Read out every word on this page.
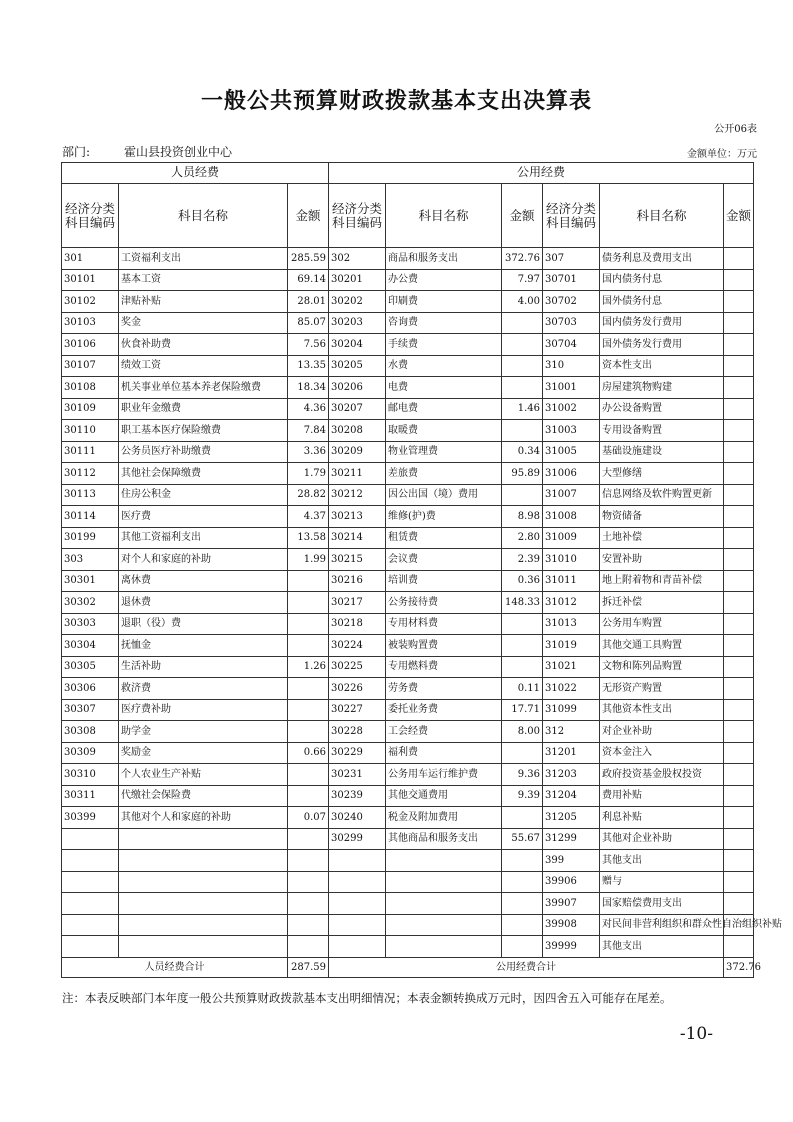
一般公共预算财政拨款基本支出决算表
公开06表
部门:	霍山县投资创业中心	金额单位：万元
人员经费			公用经费					
经济分类科目编码	科目名称	金额	经济分类科目编码	科目名称	金额	经济分类科目编码	科目名称	金额
301	工资福利支出	285.59	302	商品和服务支出	372.76	307	债务利息及费用支出	
30101	基本工资	69.14	30201	办公费	7.97	30701	国内债务付息	
30102	津贴补贴	28.01	30202	印刷费	4.00	30702	国外债务付息	
30103	奖金	85.07	30203	咨询费		30703	国内债务发行费用	
30106	伙食补助费	7.56	30204	手续费		30704	国外债务发行费用	
30107	绩效工资	13.35	30205	水费		310	资本性支出	
30108	机关事业单位基本养老保险缴费	18.34	30206	电费		31001	房屋建筑物购建	
30109	职业年金缴费	4.36	30207	邮电费	1.46	31002	办公设备购置	
30110	职工基本医疗保险缴费	7.84	30208	取暖费		31003	专用设备购置	
30111	公务员医疗补助缴费	3.36	30209	物业管理费	0.34	31005	基础设施建设	
30112	其他社会保障缴费	1.79	30211	差旅费	95.89	31006	大型修缮	
30113	住房公积金	28.82	30212	因公出国（境）费用		31007	信息网络及软件购置更新	
30114	医疗费	4.37	30213	维修(护)费	8.98	31008	物资储备	
30199	其他工资福利支出	13.58	30214	租赁费	2.80	31009	土地补偿	
303	对个人和家庭的补助	1.99	30215	会议费	2.39	31010	安置补助	
30301	离休费		30216	培训费	0.36	31011	地上附着物和青苗补偿	
30302	退休费		30217	公务接待费	148.33	31012	拆迁补偿	
30303	退职（役）费		30218	专用材料费		31013	公务用车购置	
30304	抚恤金		30224	被装购置费		31019	其他交通工具购置	
30305	生活补助	1.26	30225	专用燃料费		31021	文物和陈列品购置	
30306	救济费		30226	劳务费	0.11	31022	无形资产购置	
30307	医疗费补助		30227	委托业务费	17.71	31099	其他资本性支出	
30308	助学金		30228	工会经费	8.00	312	对企业补助	
30309	奖励金	0.66	30229	福利费		31201	资本金注入	
30310	个人农业生产补贴		30231	公务用车运行维护费	9.36	31203	政府投资基金股权投资	
30311	代缴社会保险费		30239	其他交通费用	9.39	31204	费用补贴	
30399	其他对个人和家庭的补助	0.07	30240	税金及附加费用		31205	利息补贴	
			30299	其他商品和服务支出	55.67	31299	其他对企业补助	
						399	其他支出	
						39906	赠与	
						39907	国家赔偿费用支出	
						39908	对民间非营利组织和群众性自治组织补贴	
						39999	其他支出	
人员经费合计		287.59	公用经费合计					372.76
注：本表反映部门本年度一般公共预算财政拨款基本支出明细情况；本表金额转换成万元时，因四舍五入可能存在尾差。
-10-
